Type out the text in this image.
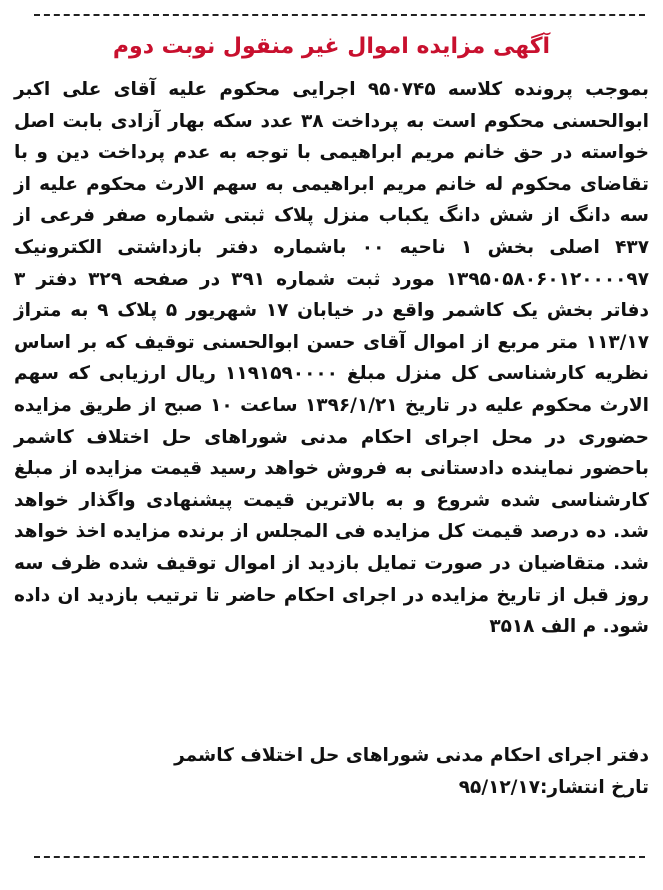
آگهی مزایده اموال غیر منقول نوبت دوم

بموجب پرونده کلاسه ۹۵۰۷۴۵ اجرایی محکوم علیه آقای علی اکبر ابوالحسنی محکوم است به پرداخت ۳۸ عدد سکه بهار آزادی بابت اصل خواسته در حق خانم مریم ابراهیمی با توجه به عدم پرداخت دین و با تقاضای محکوم له خانم مریم ابراهیمی به سهم الارث محکوم علیه از سه دانگ از شش دانگ یکباب منزل پلاک ثبتی شماره صفر فرعی از ۴۳۷ اصلی بخش ۱ ناحیه ۰۰ باشماره دفتر بازداشتی الکترونیک ۱۳۹۵۰۵۸۰۶۰۱۲۰۰۰۰۹۷ مورد ثبت شماره ۳۹۱ در صفحه ۳۲۹ دفتر ۳ دفاتر بخش یک کاشمر واقع در خیابان ۱۷ شهریور ۵ پلاک ۹ به متراژ ۱۱۳/۱۷ متر مربع از اموال آقای حسن ابوالحسنی توقیف که بر اساس نظریه کارشناسی کل منزل مبلغ ۱۱۹۱۵۹۰۰۰۰ ریال ارزیابی که سهم الارث محکوم علیه در تاریخ ۱۳۹۶/۱/۲۱ ساعت ۱۰ صبح از طریق مزایده حضوری در محل اجرای احکام مدنی شوراهای حل اختلاف کاشمر باحضور نماینده دادستانی به فروش خواهد رسید قیمت مزایده از مبلغ کارشناسی شده شروع و به بالاترین قیمت پیشنهادی واگذار خواهد شد. ده درصد قیمت کل مزایده فی المجلس از برنده مزایده اخذ خواهد شد. متقاضیان در صورت تمایل بازدید از اموال توقیف شده ظرف سه روز قبل از تاریخ مزایده در اجرای احکام حاضر تا ترتیب بازدید ان داده شود. م الف ۳۵۱۸

دفتر اجرای احکام مدنی شوراهای حل اختلاف کاشمر
تارخ انتشار:۹۵/۱۲/۱۷
